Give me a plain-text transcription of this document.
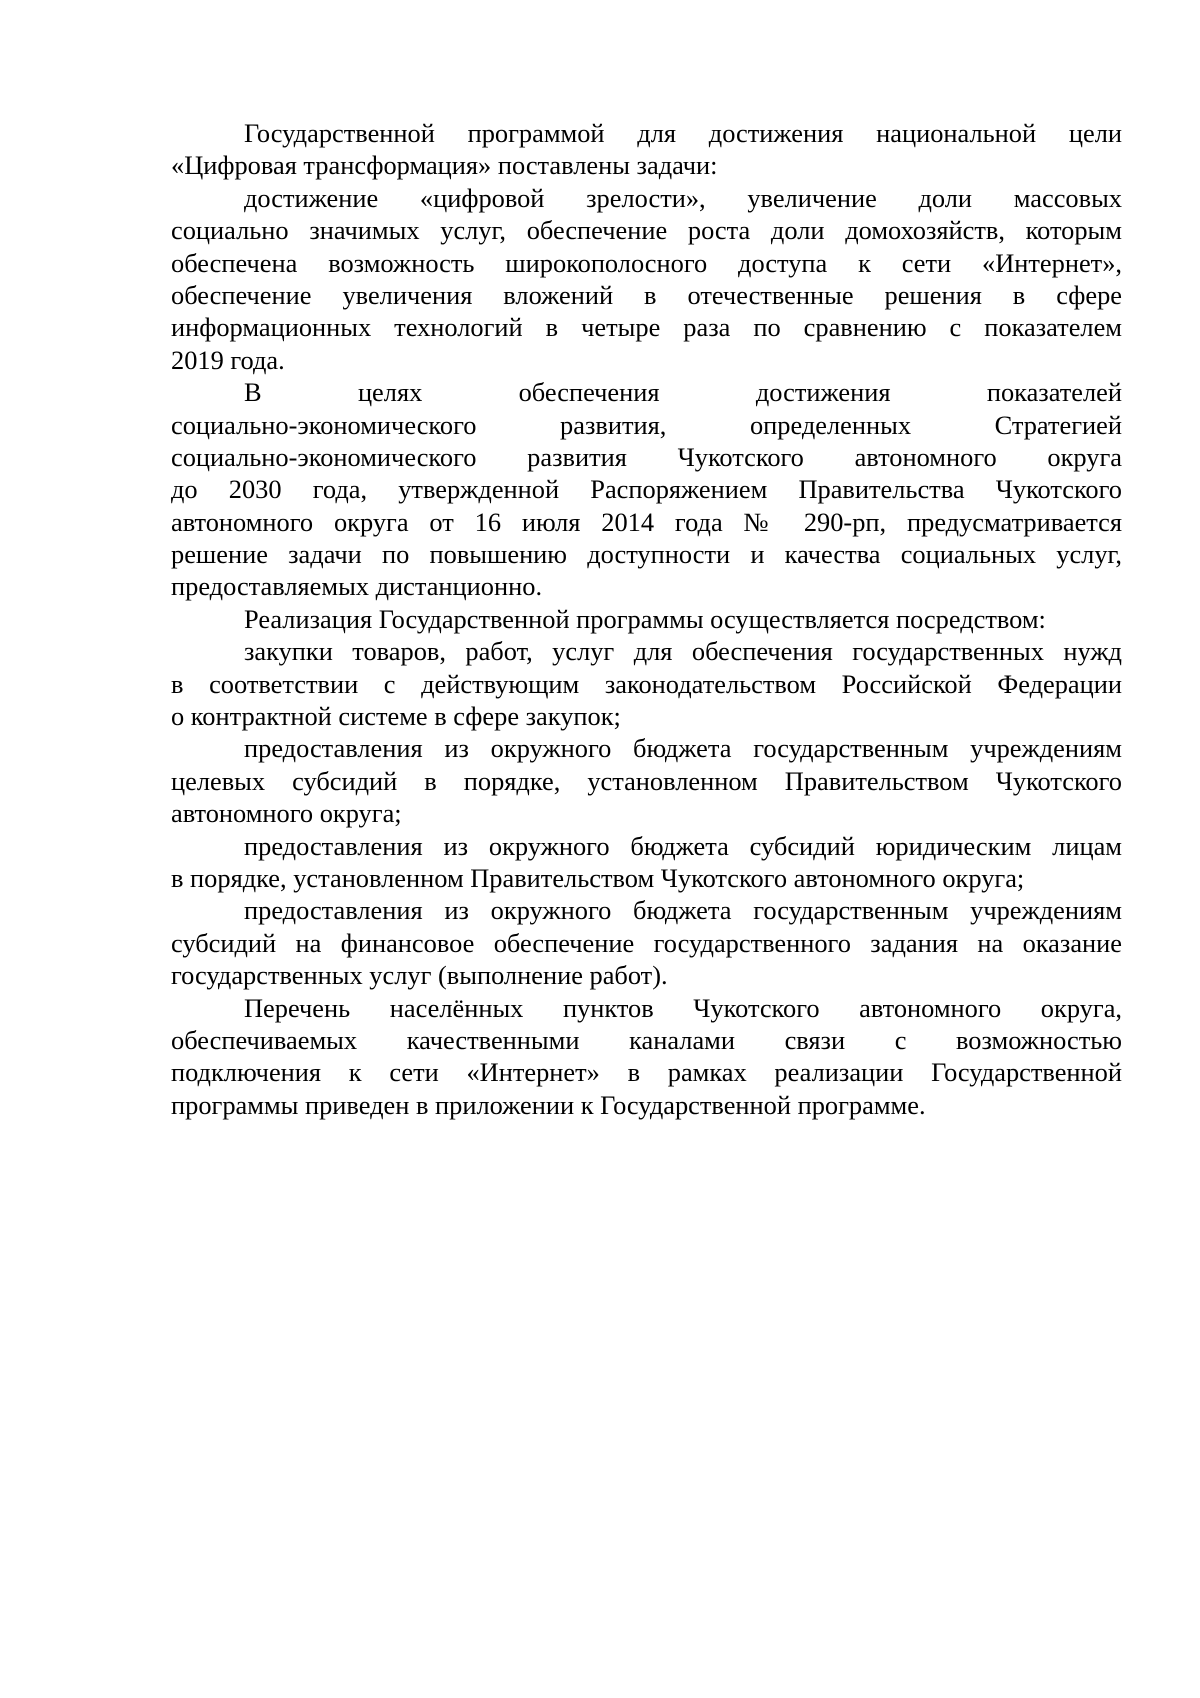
Государственной программой для достижения национальной цели
«Цифровая трансформация» поставлены задачи:
достижение «цифровой зрелости», увеличение доли массовых
социально значимых услуг, обеспечение роста доли домохозяйств, которым
обеспечена возможность широкополосного доступа к сети «Интернет»,
обеспечение увеличения вложений в отечественные решения в сфере
информационных технологий в четыре раза по сравнению с показателем
2019 года.
В целях обеспечения достижения показателей
социально-экономического развития, определенных Стратегией
социально-экономического развития Чукотского автономного округа
до 2030 года, утвержденной Распоряжением Правительства Чукотского
автономного округа от 16 июля 2014 года № 290-рп, предусматривается
решение задачи по повышению доступности и качества социальных услуг,
предоставляемых дистанционно.
Реализация Государственной программы осуществляется посредством:
закупки товаров, работ, услуг для обеспечения государственных нужд
в соответствии с действующим законодательством Российской Федерации
о контрактной системе в сфере закупок;
предоставления из окружного бюджета государственным учреждениям
целевых субсидий в порядке, установленном Правительством Чукотского
автономного округа;
предоставления из окружного бюджета субсидий юридическим лицам
в порядке, установленном Правительством Чукотского автономного округа;
предоставления из окружного бюджета государственным учреждениям
субсидий на финансовое обеспечение государственного задания на оказание
государственных услуг (выполнение работ).
Перечень населённых пунктов Чукотского автономного округа,
обеспечиваемых качественными каналами связи с возможностью
подключения к сети «Интернет» в рамках реализации Государственной
программы приведен в приложении к Государственной программе.
